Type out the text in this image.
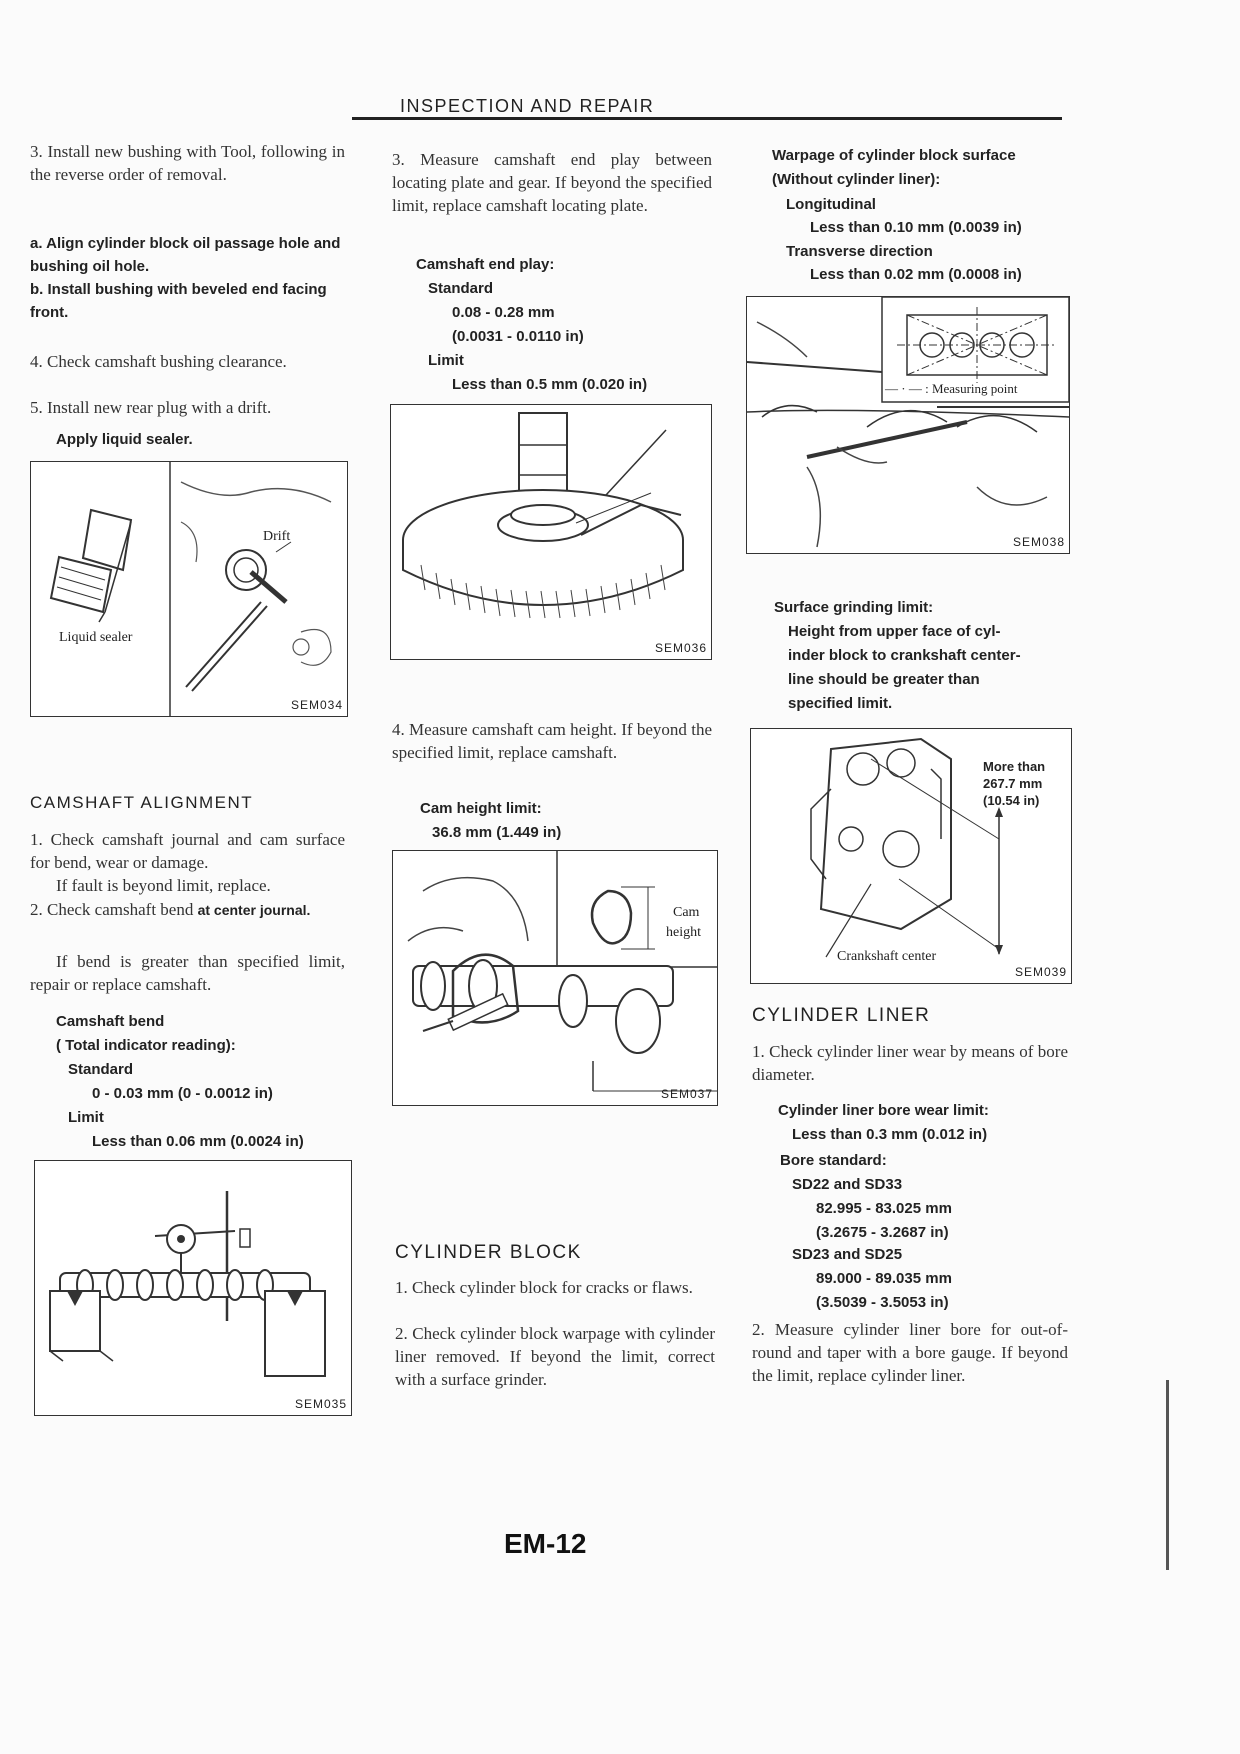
INSPECTION AND REPAIR
3. Install new bushing with Tool, following in the reverse order of removal.
a. Align cylinder block oil passage hole and bushing oil hole.
b. Install bushing with beveled end facing front.
4. Check camshaft bushing clearance.
5. Install new rear plug with a drift.
Apply liquid sealer.
Drift
Liquid sealer
SEM034
CAMSHAFT ALIGNMENT
1. Check camshaft journal and cam surface for bend, wear or damage.
If fault is beyond limit, replace.
2. Check camshaft bend at center journal.
If bend is greater than specified limit, repair or replace camshaft.
Camshaft bend
( Total indicator reading):
Standard
0 - 0.03 mm (0 - 0.0012 in)
Limit
Less than 0.06 mm (0.0024 in)
SEM035
3. Measure camshaft end play between locating plate and gear. If beyond the specified limit, replace camshaft locating plate.
Camshaft end play:
Standard
0.08 - 0.28 mm
(0.0031 - 0.0110 in)
Limit
Less than 0.5 mm (0.020 in)
SEM036
4. Measure camshaft cam height. If beyond the specified limit, replace camshaft.
Cam height limit:
36.8 mm (1.449 in)
Cam
height
SEM037
CYLINDER BLOCK
1. Check cylinder block for cracks or flaws.
2. Check cylinder block warpage with cylinder liner removed. If beyond the limit, correct with a surface grinder.
Warpage of cylinder block surface
(Without cylinder liner):
Longitudinal
Less than 0.10 mm (0.0039 in)
Transverse direction
Less than 0.02 mm (0.0008 in)
— · — : Measuring point
SEM038
Surface grinding limit:
Height from upper face of cyl-
inder block to crankshaft center-
line should be greater than
specified limit.
More than
267.7 mm
(10.54 in)
Crankshaft center
SEM039
CYLINDER LINER
1. Check cylinder liner wear by means of bore diameter.
Cylinder liner bore wear limit:
Less than 0.3 mm (0.012 in)
Bore standard:
SD22 and SD33
82.995 - 83.025 mm
(3.2675 - 3.2687 in)
SD23 and SD25
89.000 - 89.035 mm
(3.5039 - 3.5053 in)
2. Measure cylinder liner bore for out-of-round and taper with a bore gauge. If beyond the limit, replace cylinder liner.
EM-12
